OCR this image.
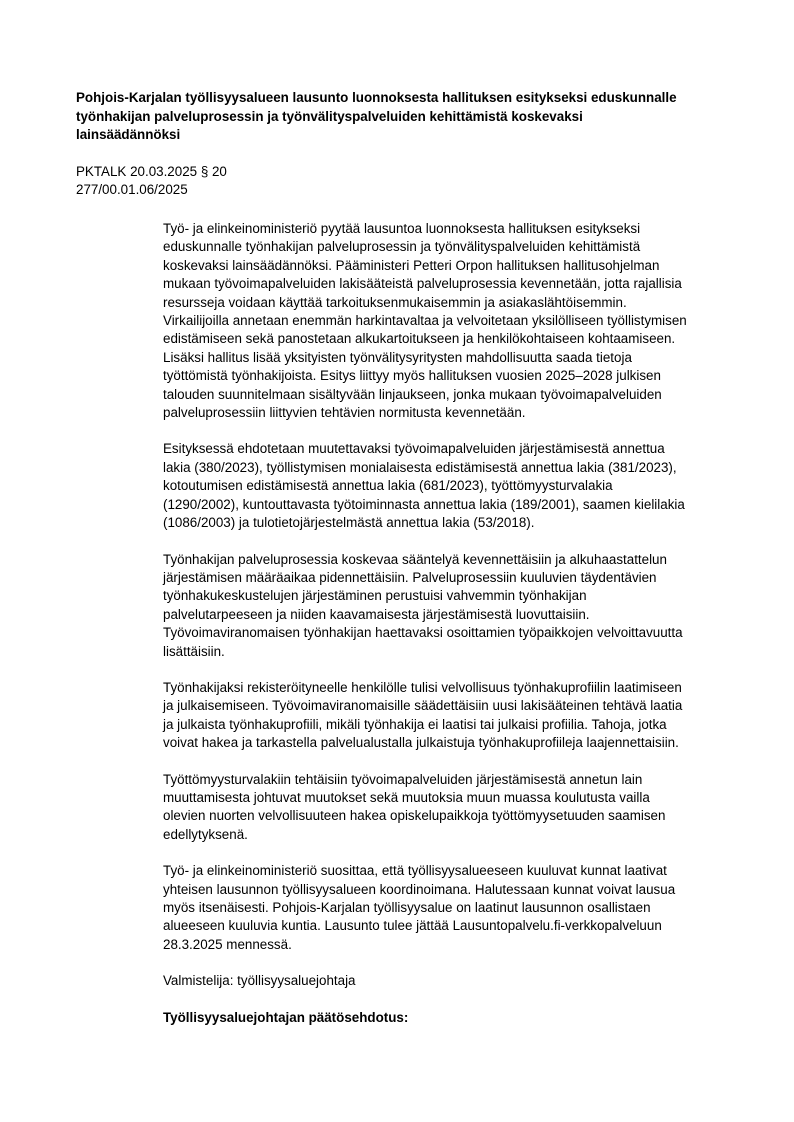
Pohjois-Karjalan työllisyysalueen lausunto luonnoksesta hallituksen esitykseksi eduskunnalle
työnhakijan palveluprosessin ja työnvälityspalveluiden kehittämistä koskevaksi
lainsäädännöksi
PKTALK 20.03.2025 § 20
277/00.01.06/2025

Työ- ja elinkeinoministeriö pyytää lausuntoa luonnoksesta hallituksen esitykseksi
eduskunnalle työnhakijan palveluprosessin ja työnvälityspalveluiden kehittämistä
koskevaksi lainsäädännöksi. Pääministeri Petteri Orpon hallituksen hallitusohjelman
mukaan työvoimapalveluiden lakisääteistä palveluprosessia kevennetään, jotta rajallisia
resursseja voidaan käyttää tarkoituksenmukaisemmin ja asiakaslähtöisemmin.
Virkailijoilla annetaan enemmän harkintavaltaa ja velvoitetaan yksilölliseen työllistymisen
edistämiseen sekä panostetaan alkukartoitukseen ja henkilökohtaiseen kohtaamiseen.
Lisäksi hallitus lisää yksityisten työnvälitysyritysten mahdollisuutta saada tietoja
työttömistä työnhakijoista. Esitys liittyy myös hallituksen vuosien 2025–2028 julkisen
talouden suunnitelmaan sisältyvään linjaukseen, jonka mukaan työvoimapalveluiden
palveluprosessiin liittyvien tehtävien normitusta kevennetään.

Esityksessä ehdotetaan muutettavaksi työvoimapalveluiden järjestämisestä annettua
lakia (380/2023), työllistymisen monialaisesta edistämisestä annettua lakia (381/2023),
kotoutumisen edistämisestä annettua lakia (681/2023), työttömyysturvalakia
(1290/2002), kuntouttavasta työtoiminnasta annettua lakia (189/2001), saamen kielilakia
(1086/2003) ja tulotietojärjestelmästä annettua lakia (53/2018).

Työnhakijan palveluprosessia koskevaa sääntelyä kevennettäisiin ja alkuhaastattelun
järjestämisen määräaikaa pidennettäisiin. Palveluprosessiin kuuluvien täydentävien
työnhakukeskustelujen järjestäminen perustuisi vahvemmin työnhakijan
palvelutarpeeseen ja niiden kaavamaisesta järjestämisestä luovuttaisiin.
Työvoimaviranomaisen työnhakijan haettavaksi osoittamien työpaikkojen velvoittavuutta
lisättäisiin.

Työnhakijaksi rekisteröityneelle henkilölle tulisi velvollisuus työnhakuprofiilin laatimiseen
ja julkaisemiseen. Työvoimaviranomaisille säädettäisiin uusi lakisääteinen tehtävä laatia
ja julkaista työnhakuprofiili, mikäli työnhakija ei laatisi tai julkaisi profiilia. Tahoja, jotka
voivat hakea ja tarkastella palvelualustalla julkaistuja työnhakuprofiileja laajennettaisiin.

Työttömyysturvalakiin tehtäisiin työvoimapalveluiden järjestämisestä annetun lain
muuttamisesta johtuvat muutokset sekä muutoksia muun muassa koulutusta vailla
olevien nuorten velvollisuuteen hakea opiskelupaikkoja työttömyysetuuden saamisen
edellytyksenä.

Työ- ja elinkeinoministeriö suosittaa, että työllisyysalueeseen kuuluvat kunnat laativat
yhteisen lausunnon työllisyysalueen koordinoimana. Halutessaan kunnat voivat lausua
myös itsenäisesti. Pohjois-Karjalan työllisyysalue on laatinut lausunnon osallistaen
alueeseen kuuluvia kuntia. Lausunto tulee jättää Lausuntopalvelu.fi-verkkopalveluun
28.3.2025 mennessä.

Valmistelija: työllisyysaluejohtaja

Työllisyysaluejohtajan päätösehdotus:
